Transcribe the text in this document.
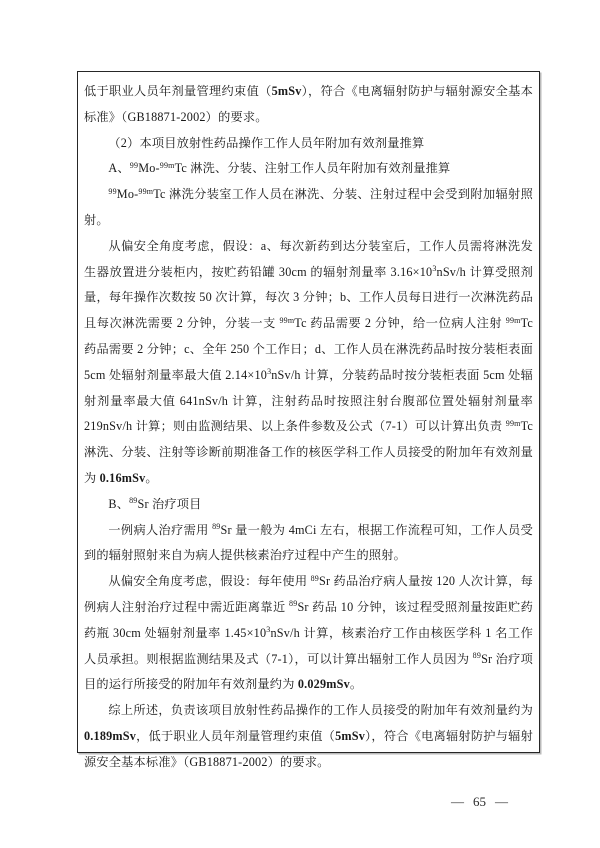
低于职业人员年剂量管理约束值（5mSv），符合《电离辐射防护与辐射源安全基本标准》（GB18871-2002）的要求。

（2）本项目放射性药品操作工作人员年附加有效剂量推算

A、$^{99}$Mo-$^{99m}$Tc 淋洗、分装、注射工作人员年附加有效剂量推算

$^{99}$Mo-$^{99m}$Tc 淋洗分装室工作人员在淋洗、分装、注射过程中会受到附加辐射照射。

从偏安全角度考虑，假设：a、每次新药到达分装室后，工作人员需将淋洗发生器放置进分装柜内，按贮药铅罐 30cm 的辐射剂量率 $3.16\times 10^3nSv/h$ 计算受照剂量，每年操作次数按 50 次计算，每次 3 分钟；b、工作人员每日进行一次淋洗药品且每次淋洗需要 2 分钟，分装一支 $^{99m}$Tc 药品需要 2 分钟，给一位病人注射 $^{99m}$Tc 药品需要 2 分钟；c、全年 250 个工作日；d、工作人员在淋洗药品时按分装柜表面 5cm 处辐射剂量率最大值 $2.14\times 10^3nSv/h$ 计算，分装药品时按分装柜表面 5cm 处辐射剂量率最大值 641nSv/h 计算，注射药品时按照注射台腹部位置处辐射剂量率 219nSv/h 计算；则由监测结果、以上条件参数及公式（7-1）可以计算出负责 $^{99m}$Tc 淋洗、分装、注射等诊断前期准备工作的核医学科工作人员接受的附加年有效剂量为 0.16mSv。

B、$^{89}$Sr 治疗项目

一例病人治疗需用 $^{89}$Sr 量一般为 4mCi 左右，根据工作流程可知，工作人员受到的辐射照射来自为病人提供核素治疗过程中产生的照射。

从偏安全角度考虑，假设：每年使用 $^{89}$Sr 药品治疗病人量按 120 人次计算，每例病人注射治疗过程中需近距离靠近 $^{89}$Sr 药品 10 分钟，该过程受照剂量按距贮药药瓶 30cm 处辐射剂量率 $1.45\times 10^3nSv/h$ 计算，核素治疗工作由核医学科 1 名工作人员承担。则根据监测结果及式（7-1），可以计算出辐射工作人员因为 $^{89}$Sr 治疗项目的运行所接受的附加年有效剂量约为 0.029mSv。

综上所述，负责该项目放射性药品操作的工作人员接受的附加年有效剂量约为 0.189mSv，低于职业人员年剂量管理约束值（5mSv），符合《电离辐射防护与辐射源安全基本标准》（GB18871-2002）的要求。

— 65 —
